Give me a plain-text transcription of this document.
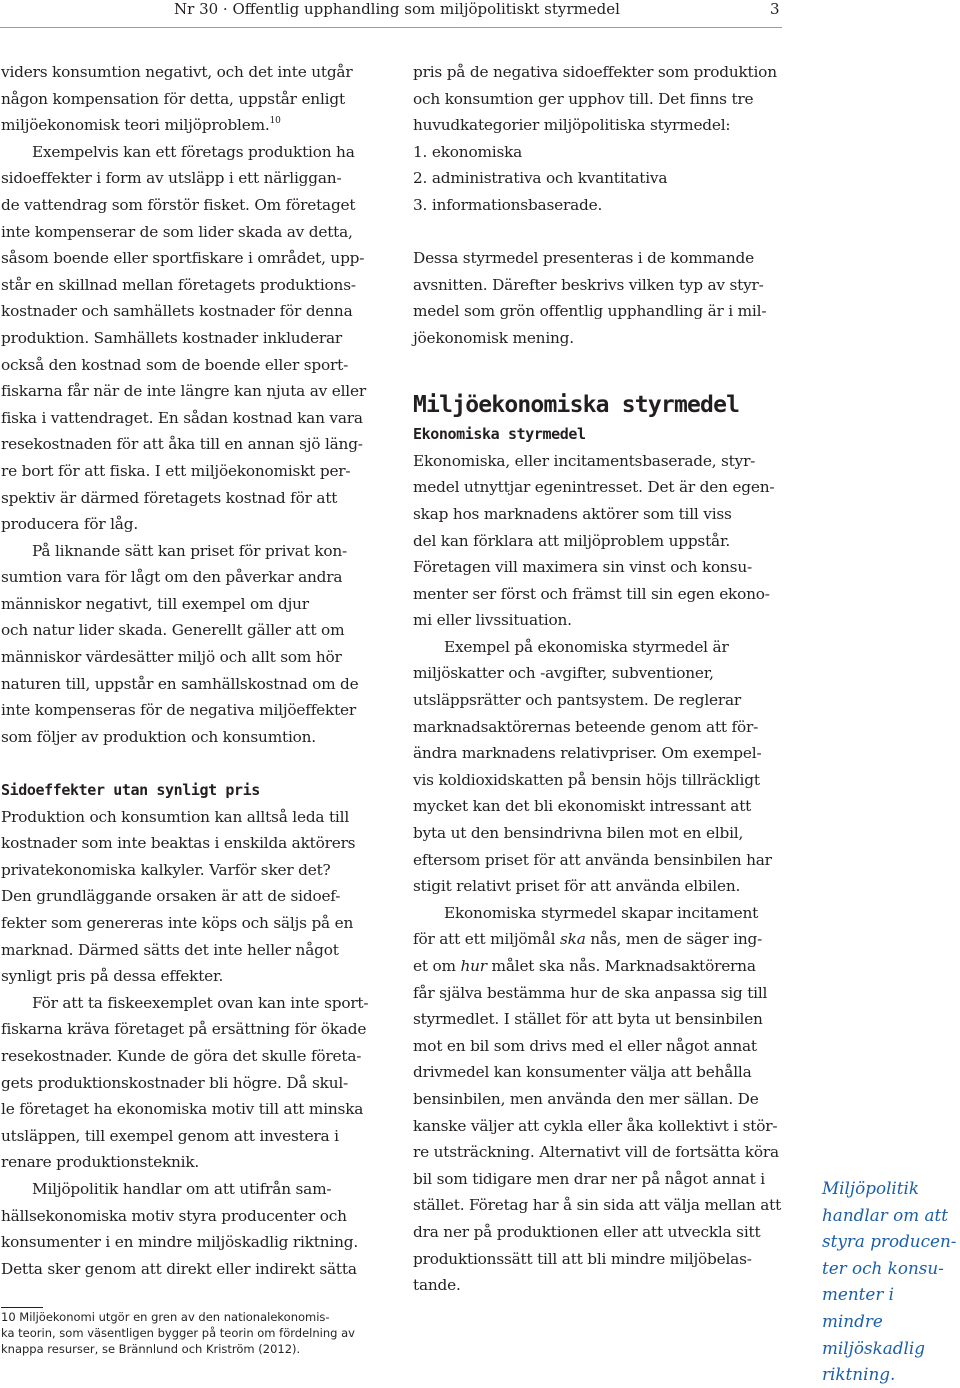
Nr 30 · Offentlig upphandling som miljöpolitiskt styrmedel	3

viders konsumtion negativt, och det inte utgår
någon kompensation för detta, uppstår enligt
miljöekonomisk teori miljöproblem.$^{10}$

Exempelvis kan ett företags produktion ha
sidoeffekter i form av utsläpp i ett närliggan-
de vattendrag som förstör fisket. Om företaget
inte kompenserar de som lider skada av detta,
såsom boende eller sportfiskare i området, upp-
står en skillnad mellan företagets produktions-
kostnader och samhällets kostnader för denna
produktion. Samhällets kostnader inkluderar
också den kostnad som de boende eller sport-
fiskarna får när de inte längre kan njuta av eller
fiska i vattendraget. En sådan kostnad kan vara
resekostnaden för att åka till en annan sjö läng-
re bort för att fiska. I ett miljöekonomiskt per-
spektiv är därmed företagets kostnad för att
producera för låg.

På liknande sätt kan priset för privat kon-
sumtion vara för lågt om den påverkar andra
människor negativt, till exempel om djur
och natur lider skada. Generellt gäller att om
människor värdesätter miljö och allt som hör
naturen till, uppstår en samhällskostnad om de
inte kompenseras för de negativa miljöeffekter
som följer av produktion och konsumtion.

Sidoeffekter utan synligt pris

Produktion och konsumtion kan alltså leda till
kostnader som inte beaktas i enskilda aktörers
privatekonomiska kalkyler. Varför sker det?
Den grundläggande orsaken är att de sidoef-
fekter som genereras inte köps och säljs på en
marknad. Därmed sätts det inte heller något
synligt pris på dessa effekter.

För att ta fiskeexemplet ovan kan inte sport-
fiskarna kräva företaget på ersättning för ökade
resekostnader. Kunde de göra det skulle företa-
gets produktionskostnader bli högre. Då skul-
le företaget ha ekonomiska motiv till att minska
utsläppen, till exempel genom att investera i
renare produktionsteknik.

Miljöpolitik handlar om att utifrån sam-
hällsekonomiska motiv styra producenter och
konsumenter i en mindre miljöskadlig riktning.
Detta sker genom att direkt eller indirekt sätta

10 Miljöekonomi utgör en gren av den nationalekonomis-
ka teorin, som väsentligen bygger på teorin om fördelning av
knappa resurser, se Brännlund och Kriström (2012).

pris på de negativa sidoeffekter som produktion
och konsumtion ger upphov till. Det finns tre
huvudkategorier miljöpolitiska styrmedel:

1. ekonomiska
2. administrativa och kvantitativa
3. informationsbaserade.

Dessa styrmedel presenteras i de kommande
avsnitten. Därefter beskrivs vilken typ av styr-
medel som grön offentlig upphandling är i mil-
jöekonomisk mening.

Miljöekonomiska styrmedel

Ekonomiska styrmedel

Ekonomiska, eller incitamentsbaserade, styr-
medel utnyttjar egenintresset. Det är den egen-
skap hos marknadens aktörer som till viss
del kan förklara att miljöproblem uppstår.
Företagen vill maximera sin vinst och konsu-
menter ser först och främst till sin egen ekono-
mi eller livssituation.

Exempel på ekonomiska styrmedel är
miljöskatter och -avgifter, subventioner,
utsläppsrätter och pantsystem. De reglerar
marknadsaktörernas beteende genom att för-
ändra marknadens relativpriser. Om exempel-
vis koldioxidskatten på bensin höjs tillräckligt
mycket kan det bli ekonomiskt intressant att
byta ut den bensindrivna bilen mot en elbil,
eftersom priset för att använda bensinbilen har
stigit relativt priset för att använda elbilen.

Ekonomiska styrmedel skapar incitament
för att ett miljömål ska nås, men de säger ing-
et om hur målet ska nås. Marknadsaktörerna
får själva bestämma hur de ska anpassa sig till
styrmedlet. I stället för att byta ut bensinbilen
mot en bil som drivs med el eller något annat
drivmedel kan konsumenter välja att behålla
bensinbilen, men använda den mer sällan. De
kanske väljer att cykla eller åka kollektivt i stör-
re utsträckning. Alternativt vill de fortsätta köra
bil som tidigare men drar ner på något annat i
stället. Företag har å sin sida att välja mellan att
dra ner på produktionen eller att utveckla sitt
produktionssätt till att bli mindre miljöbelas-
tande.

Miljöpolitik
handlar om att
styra producen-
ter och konsu-
menter i mindre
miljöskadlig
riktning.
